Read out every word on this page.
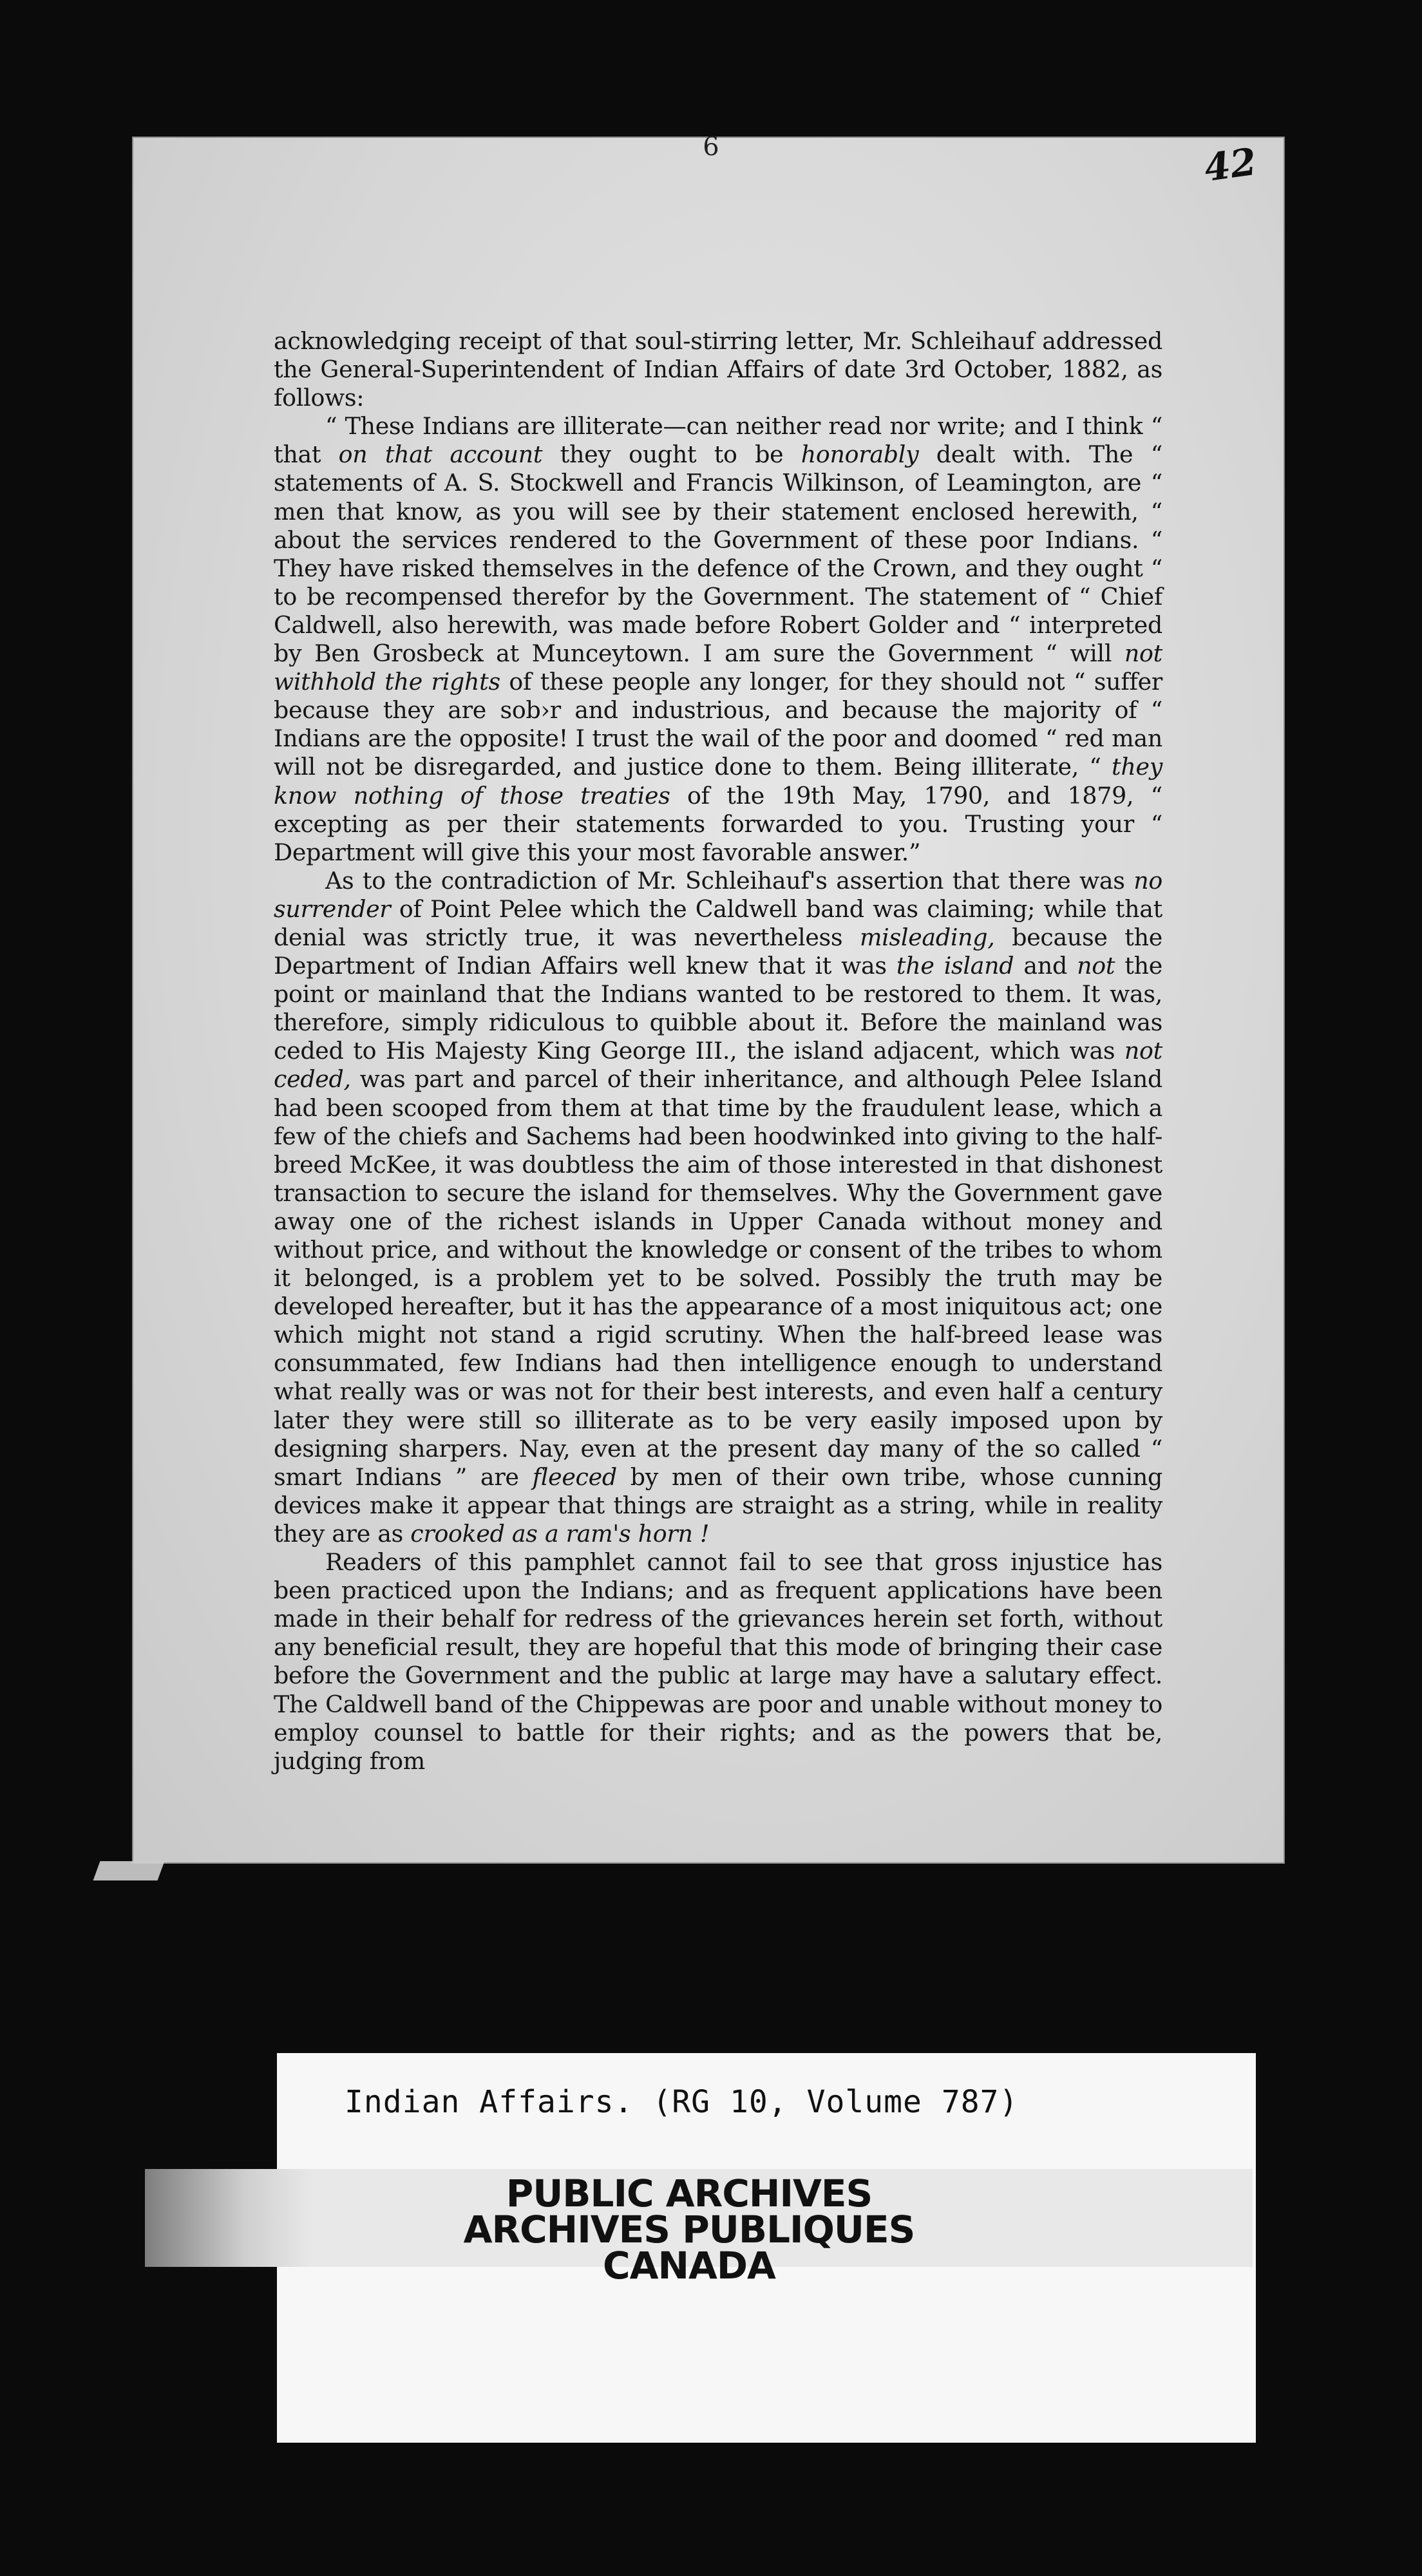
42
6

acknowledging receipt of that soul-stirring letter, Mr. Schleihauf addressed the General-Superintendent of Indian Affairs of date 3rd October, 1882, as follows:

“ These Indians are illiterate—can neither read nor write; and I think “ that on that account they ought to be honorably dealt with. The “ statements of A. S. Stockwell and Francis Wilkinson, of Leamington, are “ men that know, as you will see by their statement enclosed herewith, “ about the services rendered to the Government of these poor Indians. “ They have risked themselves in the defence of the Crown, and they ought “ to be recompensed therefor by the Government. The statement of “ Chief Caldwell, also herewith, was made before Robert Golder and “ interpreted by Ben Grosbeck at Munceytown. I am sure the Government “ will not withhold the rights of these people any longer, for they should not “ suffer because they are sob›r and industrious, and because the majority of “ Indians are the opposite! I trust the wail of the poor and doomed “ red man will not be disregarded, and justice done to them. Being illiterate, “ they know nothing of those treaties of the 19th May, 1790, and 1879, “ excepting as per their statements forwarded to you. Trusting your “ Department will give this your most favorable answer.”

As to the contradiction of Mr. Schleihauf's assertion that there was no surrender of Point Pelee which the Caldwell band was claiming; while that denial was strictly true, it was nevertheless misleading, because the Department of Indian Affairs well knew that it was the island and not the point or mainland that the Indians wanted to be restored to them. It was, therefore, simply ridiculous to quibble about it. Before the mainland was ceded to His Majesty King George III., the island adjacent, which was not ceded, was part and parcel of their inheritance, and although Pelee Island had been scooped from them at that time by the fraudulent lease, which a few of the chiefs and Sachems had been hoodwinked into giving to the half-breed McKee, it was doubtless the aim of those interested in that dishonest transaction to secure the island for themselves. Why the Government gave away one of the richest islands in Upper Canada without money and without price, and without the knowledge or consent of the tribes to whom it belonged, is a problem yet to be solved. Possibly the truth may be developed hereafter, but it has the appearance of a most iniquitous act; one which might not stand a rigid scrutiny. When the half-breed lease was consummated, few Indians had then intelligence enough to understand what really was or was not for their best interests, and even half a century later they were still so illiterate as to be very easily imposed upon by designing sharpers. Nay, even at the present day many of the so called “ smart Indians ” are fleeced by men of their own tribe, whose cunning devices make it appear that things are straight as a string, while in reality they are as crooked as a ram's horn !

Readers of this pamphlet cannot fail to see that gross injustice has been practiced upon the Indians; and as frequent applications have been made in their behalf for redress of the grievances herein set forth, without any beneficial result, they are hopeful that this mode of bringing their case before the Government and the public at large may have a salutary effect. The Caldwell band of the Chippewas are poor and unable without money to employ counsel to battle for their rights; and as the powers that be, judging from

Indian Affairs. (RG 10, Volume 787)
PUBLIC ARCHIVES
ARCHIVES PUBLIQUES
CANADA
